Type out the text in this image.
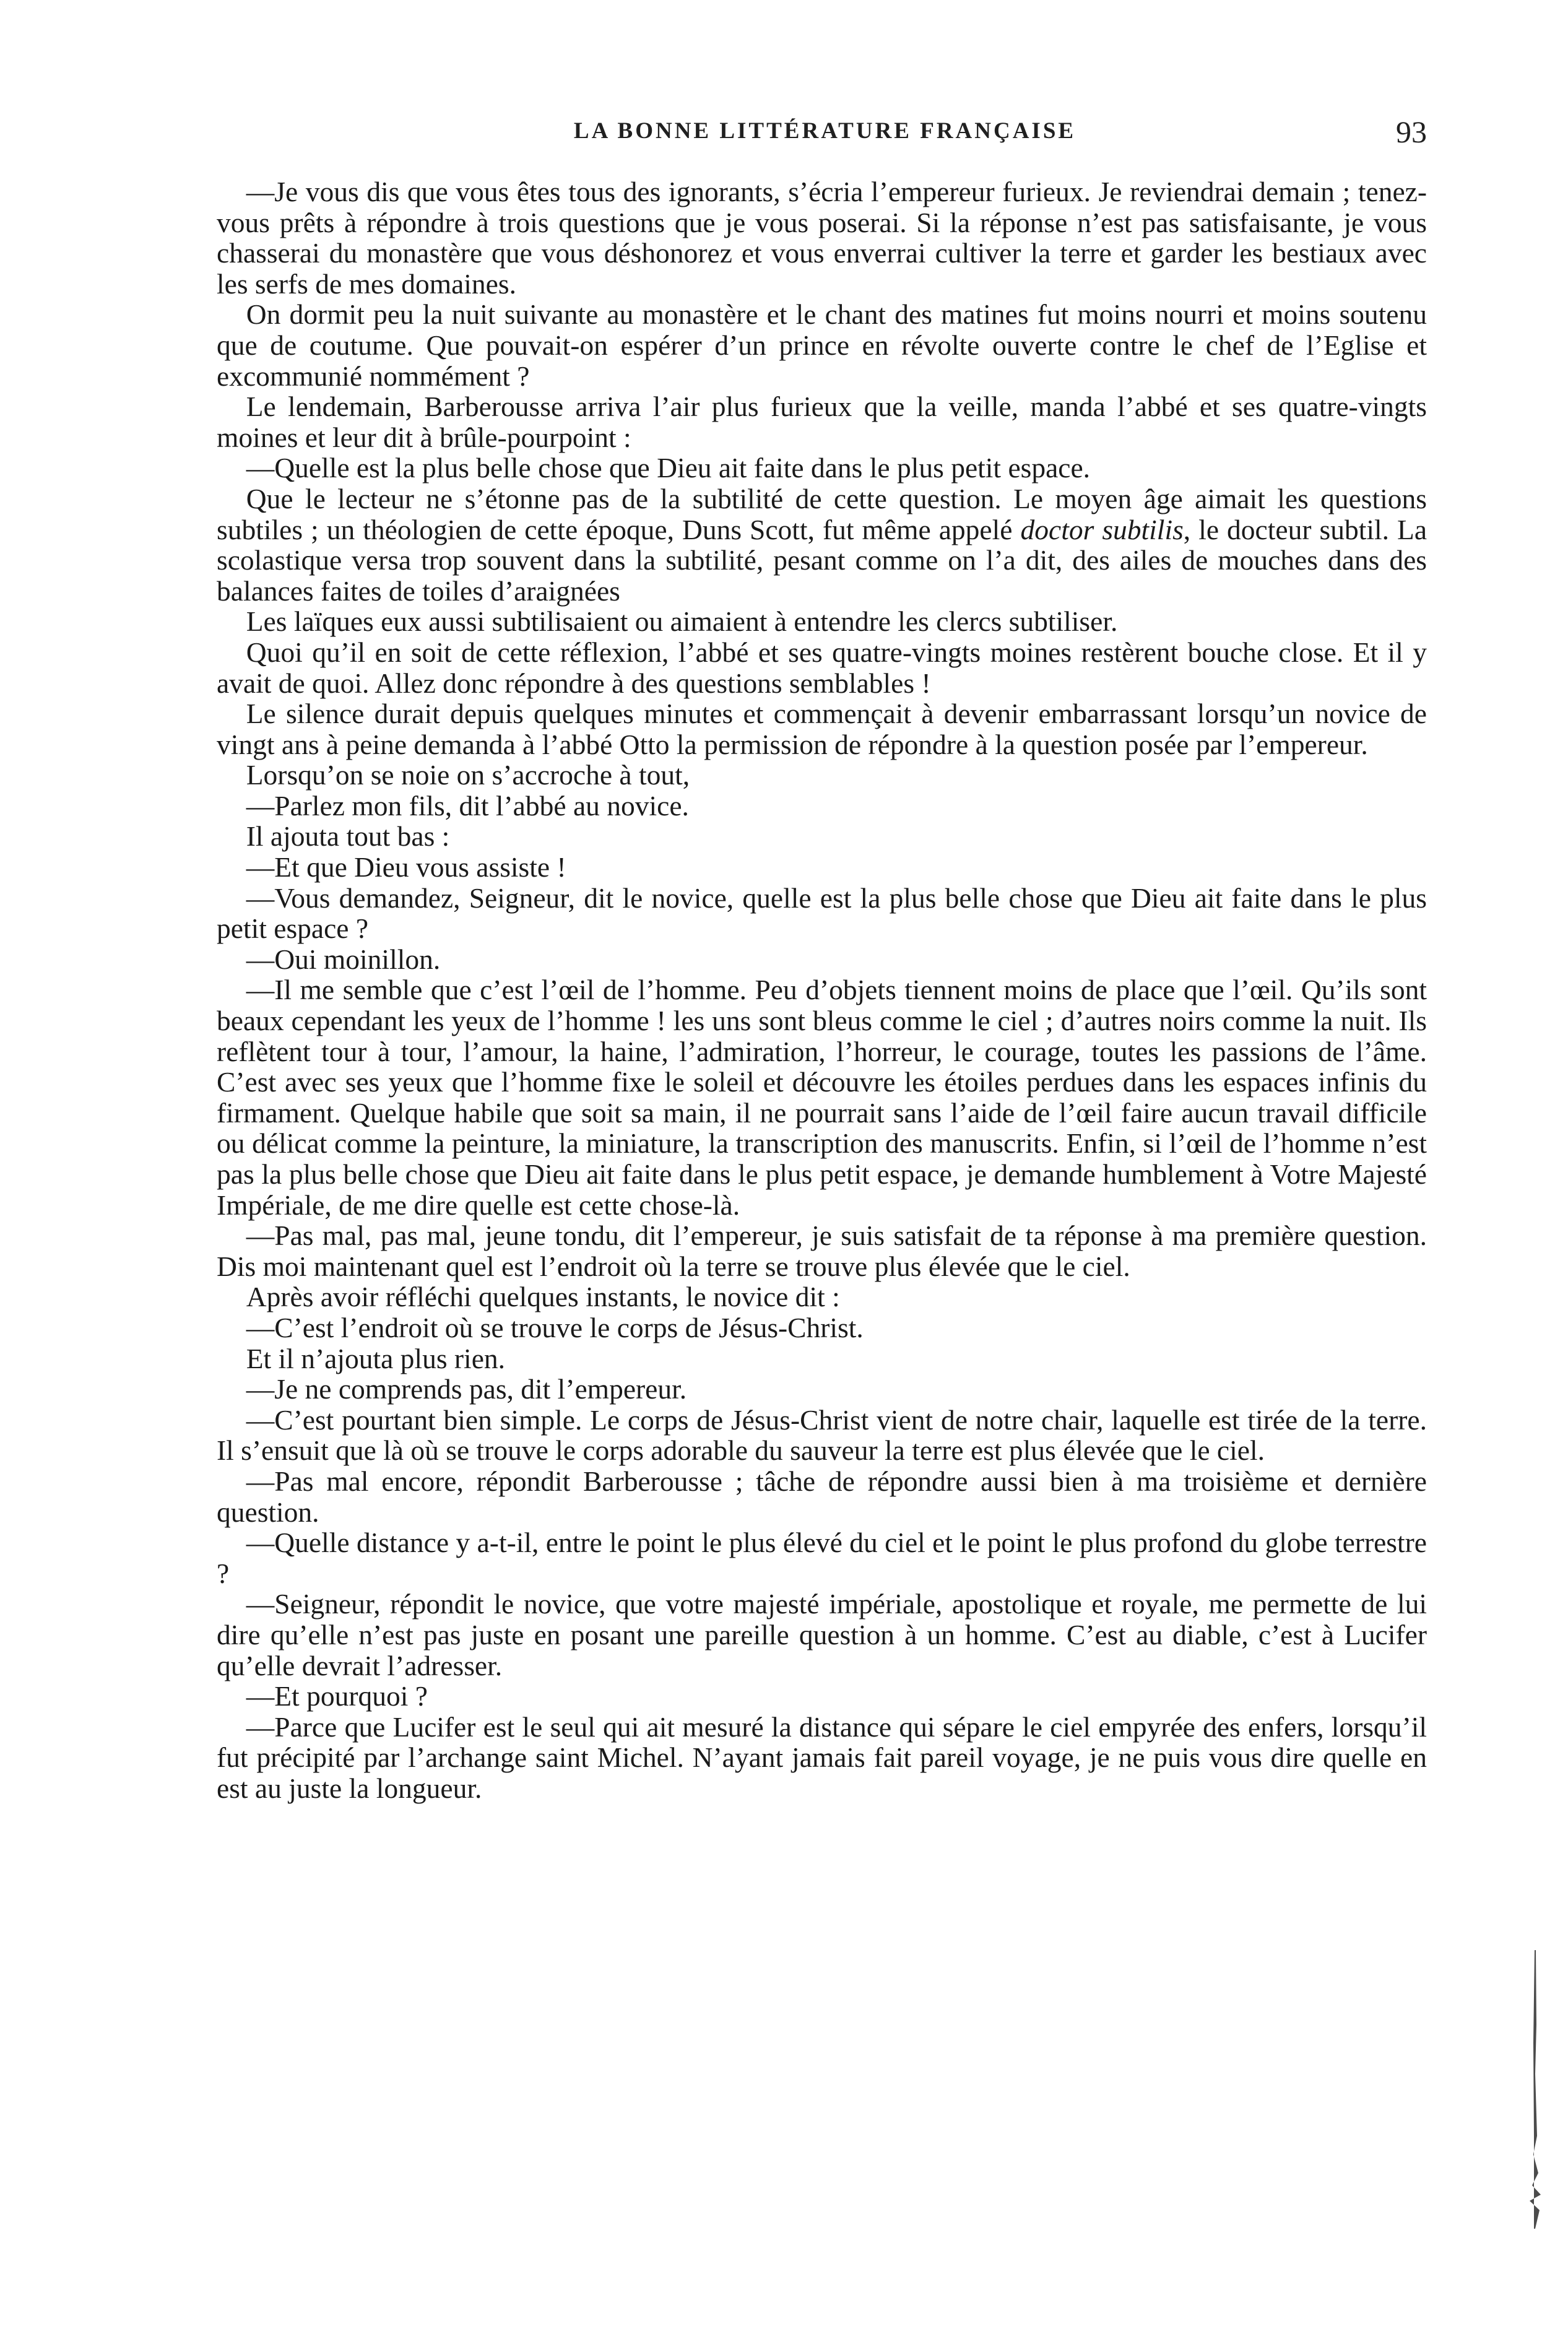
LA BONNE LITTÉRATURE FRANÇAISE	93

—Je vous dis que vous êtes tous des ignorants, s’écria l’empereur furieux. Je reviendrai demain ; tenez-vous prêts à répondre à trois questions que je vous poserai. Si la réponse n’est pas satisfaisante, je vous chasserai du monastère que vous déshonorez et vous enverrai cultiver la terre et garder les bestiaux avec les serfs de mes domaines.

On dormit peu la nuit suivante au monastère et le chant des matines fut moins nourri et moins soutenu que de coutume. Que pouvait-on espérer d’un prince en révolte ouverte contre le chef de l’Eglise et excommunié nommément ?

Le lendemain, Barberousse arriva l’air plus furieux que la veille, manda l’abbé et ses quatre-vingts moines et leur dit à brûle-pourpoint :

—Quelle est la plus belle chose que Dieu ait faite dans le plus petit espace.

Que le lecteur ne s’étonne pas de la subtilité de cette question. Le moyen âge aimait les questions subtiles ; un théologien de cette époque, Duns Scott, fut même appelé doctor subtilis, le docteur subtil. La scolastique versa trop souvent dans la subtilité, pesant comme on l’a dit, des ailes de mouches dans des balances faites de toiles d’araignées

Les laïques eux aussi subtilisaient ou aimaient à entendre les clercs subtiliser.

Quoi qu’il en soit de cette réflexion, l’abbé et ses quatre-vingts moines restèrent bouche close. Et il y avait de quoi. Allez donc répondre à des questions semblables !

Le silence durait depuis quelques minutes et commençait à devenir embarrassant lorsqu’un novice de vingt ans à peine demanda à l’abbé Otto la permission de répondre à la question posée par l’empereur.

Lorsqu’on se noie on s’accroche à tout,

—Parlez mon fils, dit l’abbé au novice.

Il ajouta tout bas :

—Et que Dieu vous assiste !

—Vous demandez, Seigneur, dit le novice, quelle est la plus belle chose que Dieu ait faite dans le plus petit espace ?

—Oui moinillon.

—Il me semble que c’est l’œil de l’homme. Peu d’objets tiennent moins de place que l’œil. Qu’ils sont beaux cependant les yeux de l’homme ! les uns sont bleus comme le ciel ; d’autres noirs comme la nuit. Ils reflètent tour à tour, l’amour, la haine, l’admiration, l’horreur, le courage, toutes les passions de l’âme. C’est avec ses yeux que l’homme fixe le soleil et découvre les étoiles perdues dans les espaces infinis du firmament. Quelque habile que soit sa main, il ne pourrait sans l’aide de l’œil faire aucun travail difficile ou délicat comme la peinture, la miniature, la transcription des manuscrits. Enfin, si l’œil de l’homme n’est pas la plus belle chose que Dieu ait faite dans le plus petit espace, je demande humblement à Votre Majesté Impériale, de me dire quelle est cette chose-là.

—Pas mal, pas mal, jeune tondu, dit l’empereur, je suis satisfait de ta réponse à ma première question. Dis moi maintenant quel est l’endroit où la terre se trouve plus élevée que le ciel.

Après avoir réfléchi quelques instants, le novice dit :

—C’est l’endroit où se trouve le corps de Jésus-Christ.

Et il n’ajouta plus rien.

—Je ne comprends pas, dit l’empereur.

—C’est pourtant bien simple. Le corps de Jésus-Christ vient de notre chair, laquelle est tirée de la terre. Il s’ensuit que là où se trouve le corps adorable du sauveur la terre est plus élevée que le ciel.

—Pas mal encore, répondit Barberousse ; tâche de répondre aussi bien à ma troisième et dernière question.

—Quelle distance y a-t-il, entre le point le plus élevé du ciel et le point le plus profond du globe terrestre ?

—Seigneur, répondit le novice, que votre majesté impériale, apostolique et royale, me permette de lui dire qu’elle n’est pas juste en posant une pareille question à un homme. C’est au diable, c’est à Lucifer qu’elle devrait l’adresser.

—Et pourquoi ?

—Parce que Lucifer est le seul qui ait mesuré la distance qui sépare le ciel empyrée des enfers, lorsqu’il fut précipité par l’archange saint Michel. N’ayant jamais fait pareil voyage, je ne puis vous dire quelle en est au juste la longueur.
